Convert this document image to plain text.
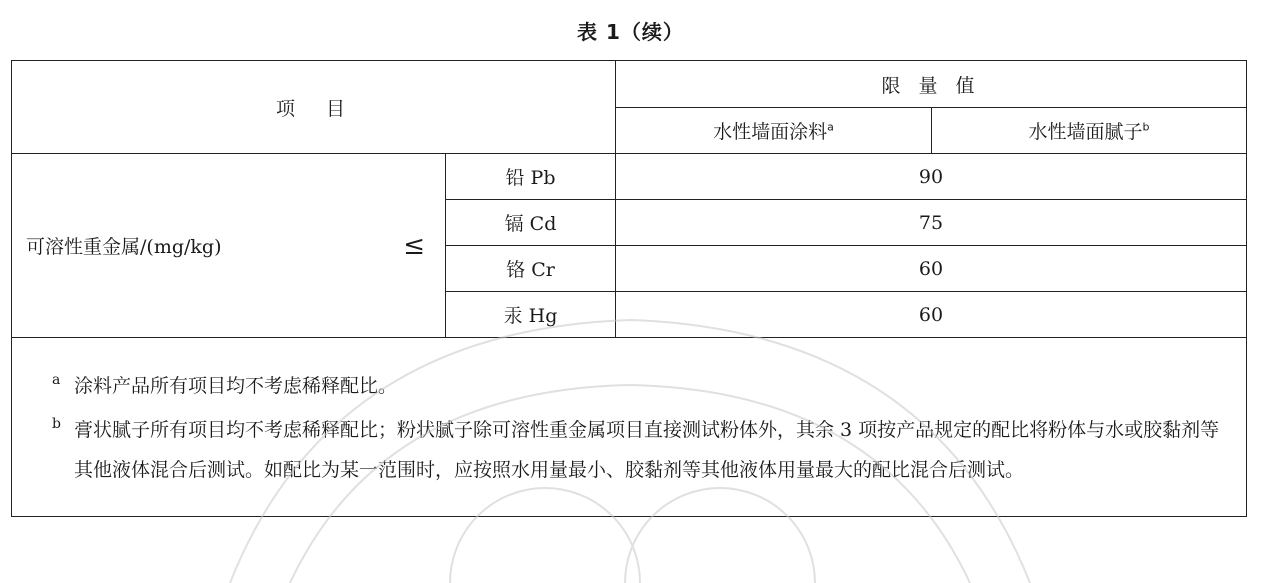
表 1（续）
项　目		限 量 值	
		水性墙面涂料$^a$	水性墙面腻子$^b$
可溶性重金属/(mg/kg) ≤	铅 Pb	90	
	镉 Cd	75	
	铬 Cr	60	
	汞 Hg	60	

a 涂料产品所有项目均不考虑稀释配比。
b 膏状腻子所有项目均不考虑稀释配比；粉状腻子除可溶性重金属项目直接测试粉体外，其余 3 项按产品规定的配比将粉体与水或胶黏剂等其他液体混合后测试。如配比为某一范围时，应按照水用量最小、胶黏剂等其他液体用量最大的配比混合后测试。			
